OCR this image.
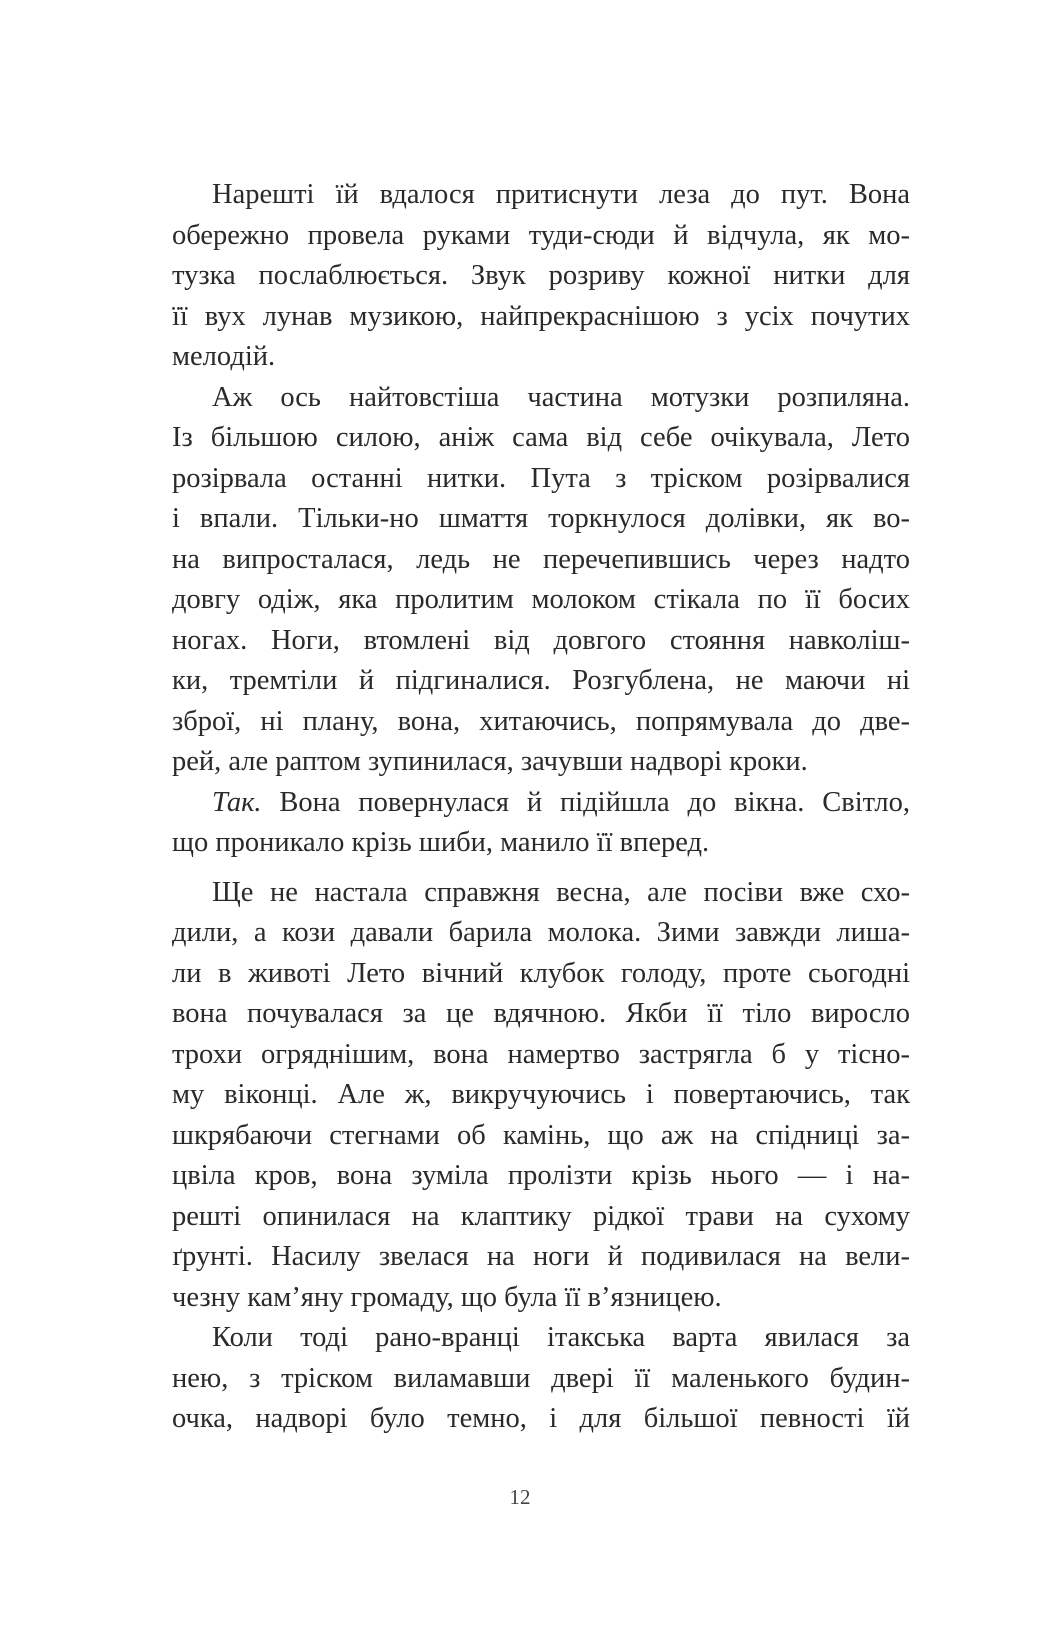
Нарешті їй вдалося притиснути леза до пут. Вона
обережно провела руками туди-сюди й відчула, як мо-
тузка послаблюється. Звук розриву кожної нитки для
її вух лунав музикою, найпрекраснішою з усіх почутих
мелодій.
Аж ось найтовстіша частина мотузки розпиляна.
Із більшою силою, аніж сама від себе очікувала, Лето
розірвала останні нитки. Пута з тріском розірвалися
і впали. Тільки-но шмаття торкнулося долівки, як во-
на випросталася, ледь не перечепившись через надто
довгу одіж, яка пролитим молоком стікала по її босих
ногах. Ноги, втомлені від довгого стояння навколіш-
ки, тремтіли й підгиналися. Розгублена, не маючи ні
зброї, ні плану, вона, хитаючись, попрямувала до две-
рей, але раптом зупинилася, зачувши надворі кроки.
Так. Вона повернулася й підійшла до вікна. Світло,
що проникало крізь шиби, манило її вперед.
Ще не настала справжня весна, але посіви вже схо-
дили, а кози давали барила молока. Зими завжди лиша-
ли в животі Лето вічний клубок голоду, проте сьогодні
вона почувалася за це вдячною. Якби її тіло виросло
трохи огряднішим, вона намертво застрягла б у тісно-
му віконці. Але ж, викручуючись і повертаючись, так
шкрябаючи стегнами об камінь, що аж на спідниці за-
цвіла кров, вона зуміла пролізти крізь нього — і на-
решті опинилася на клаптику рідкої трави на сухому
ґрунті. Насилу звелася на ноги й подивилася на вели-
чезну кам’яну громаду, що була її в’язницею.
Коли тоді рано-вранці ітакська варта явилася за
нею, з тріском виламавши двері її маленького будин-
очка, надворі було темно, і для більшої певності їй
12
